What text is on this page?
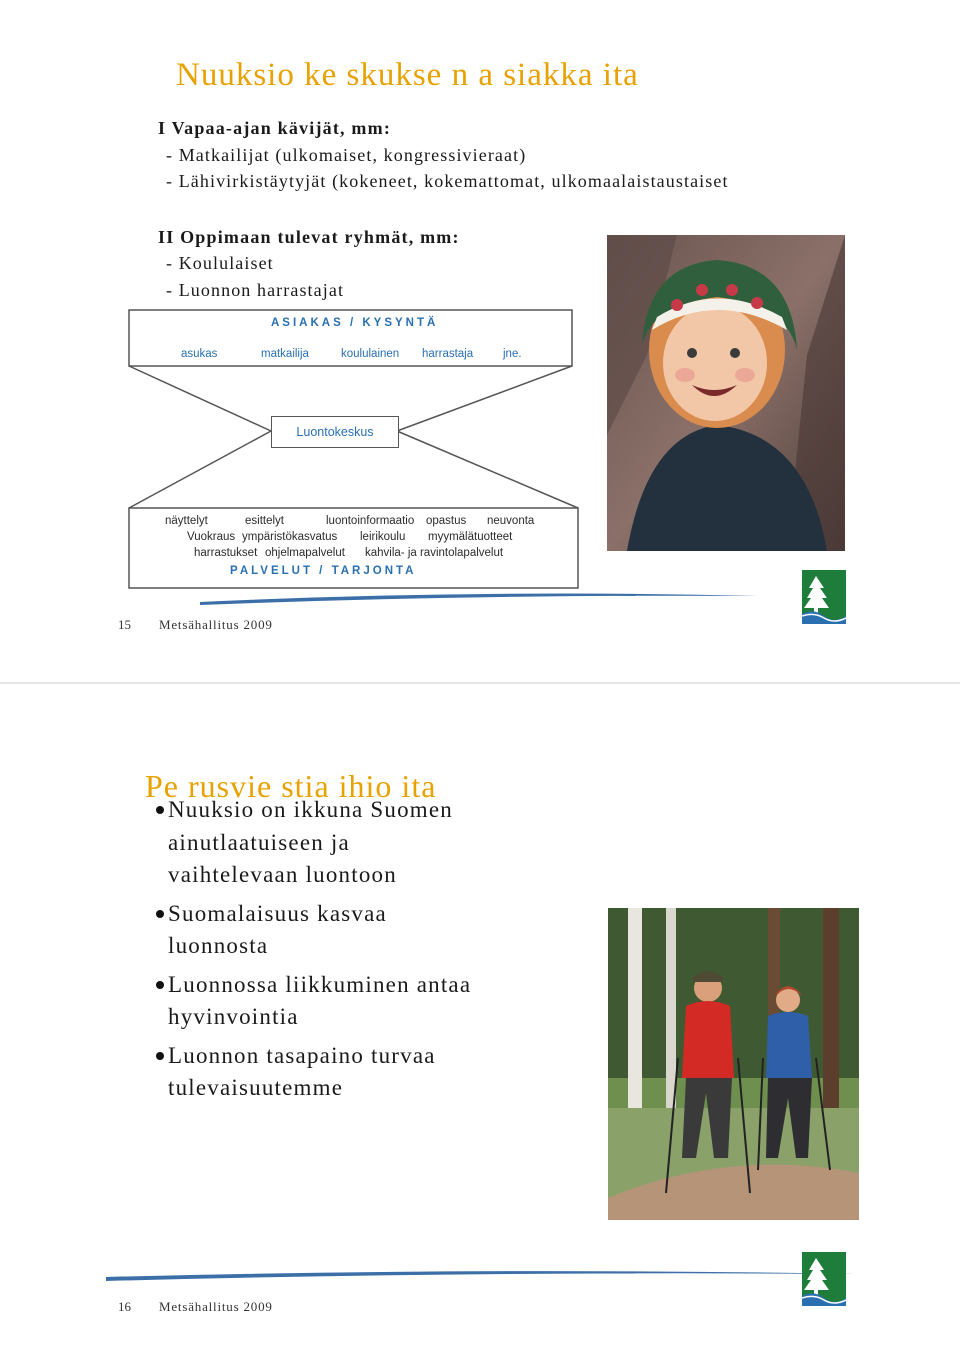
Nuuksio ke skukse n a siakka ita
I Vapaa-ajan kävijät, mm:
- Matkailijat (ulkomaiset, kongressivieraat)
- Lähivirkistäytyjät (kokeneet, kokemattomat, ulkomaalaistaustaiset
II Oppimaan tulevat ryhmät, mm:
- Koululaiset
- Luonnon harrastajat
ASIAKAS / KYSYNTÄ
asukas	matkailija	koululainen harrastaja	jne.
Luontokeskus
näyttelyt	esittelyt	luontoinformaatio opastus neuvonta
Vuokraus ympäristökasvatus leirikoulu myymälätuotteet
harrastukset ohjelmapalvelut kahvila- ja ravintolapalvelut
PALVELUT / TARJONTA
15 Metsähallitus 2009
Pe rusvie stia ihio ita
Nuuksio on ikkuna Suomen ainutlaatuiseen ja vaihtelevaan luontoon
Suomalaisuus kasvaa luonnosta
Luonnossa liikkuminen antaa hyvinvointia
Luonnon tasapaino turvaa tulevaisuutemme
16 Metsähallitus 2009
